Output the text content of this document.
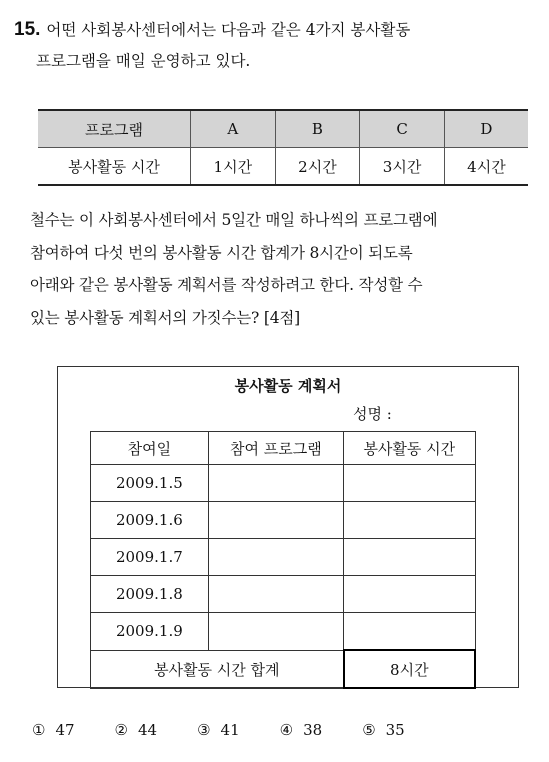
15. 어떤 사회봉사센터에서는 다음과 같은 4가지 봉사활동
프로그램을 매일 운영하고 있다.
프로그램	A	B	C	D
봉사활동 시간	1시간	2시간	3시간	4시간
철수는 이 사회봉사센터에서 5일간 매일 하나씩의 프로그램에
참여하여 다섯 번의 봉사활동 시간 합계가 8시간이 되도록
아래와 같은 봉사활동 계획서를 작성하려고 한다. 작성할 수
있는 봉사활동 계획서의 가짓수는? [4점]
봉사활동 계획서
성명 :
참여일	참여 프로그램	봉사활동 시간
2009.1.5		
2009.1.6		
2009.1.7		
2009.1.8		
2009.1.9		
봉사활동 시간 합계		8시간
① 47	② 44	③ 41	④ 38	⑤ 35
